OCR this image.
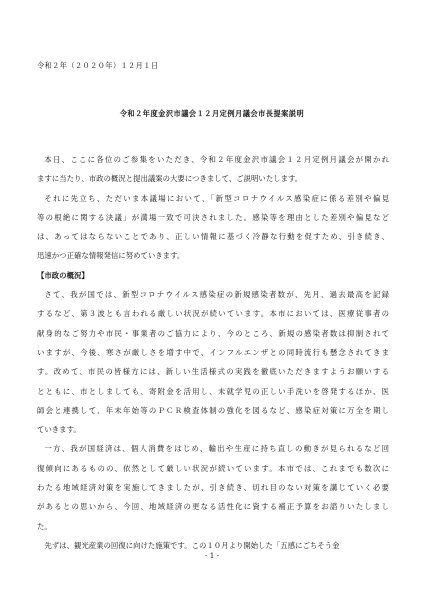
令和２年（２０２０年）１２月１日
令和２年度金沢市議会１２月定例月議会市長提案説明
本日、ここに各位のご参集をいただき、令和２年度金沢市議会１２月定例月議会が開かれ
ますに当たり、市政の概況と提出議案の大要につきまして、ご説明いたします。
それに先立ち、ただいま本議場において、「新型コロナウイルス感染症に係る差別や偏見
等の根絶に関する決議」が満場一致で可決されました。感染等を理由とした差別や偏見など
は、あってはならないことであり、正しい情報に基づく冷静な行動を促すため、引き続き、
迅速かつ正確な情報発信に努めていきます。
【市政の概況】
さて、我が国では、新型コロナウイルス感染症の新規感染者数が、先月、過去最高を記録
するなど、第３波とも言われる厳しい状況が続いています。本市においては、医療従事者の
献身的なご努力や市民・事業者のご協力により、今のところ、新規の感染者数は抑制されて
いますが、今後、寒さが厳しさを増す中で、インフルエンザとの同時流行も懸念されてきま
す。改めて、市民の皆様方には、新しい生活様式の実践を徹底いただきますようお願いする
とともに、市としましても、寄附金を活用し、未就学児の正しい手洗いを啓発するほか、医
師会と連携して、年末年始等のＰＣＲ検査体制の強化を図るなど、感染症対策に万全を期し
ていきます。
一方、我が国経済は、個人消費をはじめ、輸出や生産に持ち直しの動きが見られるなど回
復傾向にあるものの、依然として厳しい状況が続いています。本市では、これまでも数次に
わたる地域経済対策を実施してきましたが、引き続き、切れ目のない対策を講じていく必要
があるとの思いから、今回、地域経済の更なる活性化に資する補正予算をお諮りいたしまし
た。
先ずは、観光産業の回復に向けた施策です。この１０月より開始した「五感にごちそう金
- 1 -
